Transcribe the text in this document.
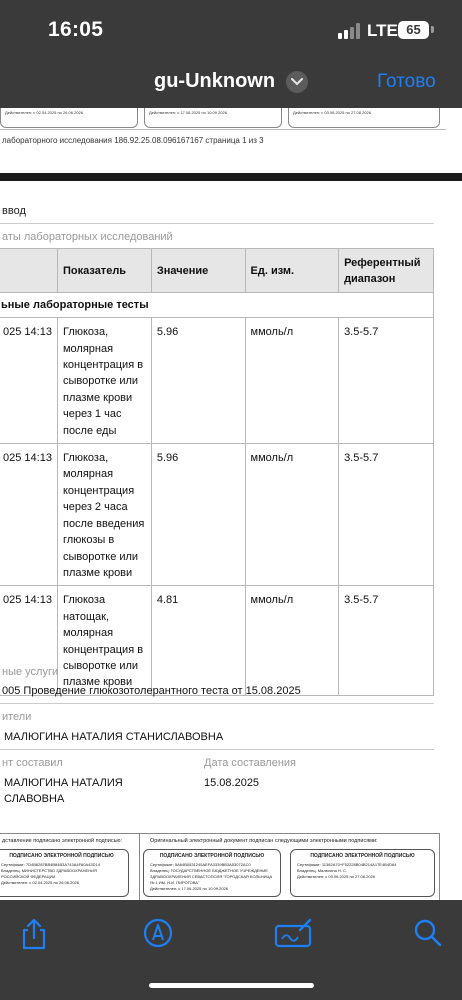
16:05	LTE 65
gu-Unknown	Готово
Действителен: с 02.04.2025 по 26.06.2026	Действителен: с 17.06.2025 по 10.09.2026	Действителен: с 03.06.2025 по 27.08.2026
лабораторного исследования 186.92.25.08.096167167 страница 1 из 3
ввод
аты лабораторных исследований
	Показатель	Значение	Ед. изм.	Референтный диапазон
ьные лабораторные тесты				
025 14:13	Глюкоза, молярная концентрация в сыворотке или плазме крови через 1 час после еды	5.96	ммоль/л	3.5-5.7
025 14:13	Глюкоза, молярная концентрация через 2 часа после введения глюкозы в сыворотке или плазме крови	5.96	ммоль/л	3.5-5.7
025 14:13	Глюкоза натощак, молярная концентрация в сыворотке или плазме крови	4.81	ммоль/л	3.5-5.7
ные услуги
005 Проведение глюкозотолерантного теста от 15.08.2025
ители
МАЛЮГИНА НАТАЛИЯ СТАНИСЛАВОВНА
нт составил
МАЛЮГИНА НАТАЛИЯ
СЛАВОВНА
Дата составления
15.08.2025
дставление подписано электронной подписью:	Оригинальный электронный документ подписан следующими электронными подписями:
ПОДПИСАНО ЭЛЕКТРОННОЙ ПОДПИСЬЮ
Сертификат: 7D4B6287BB4B84B3A743A4F60A43D14
Владелец: МИНИСТЕРСТВО ЗДРАВООХРАНЕНИЯ РОССИЙСКОЙ ФЕДЕРАЦИИ
Действителен: с 02.04.2025 по 26.06.2026
ПОДПИСАНО ЭЛЕКТРОННОЙ ПОДПИСЬЮ
Сертификат: 5A64B0531245AEFA3339BB3A53072AC0
Владелец: ГОСУДАРСТВЕННОЕ БЮДЖЕТНОЕ УЧРЕЖДЕНИЕ ЗДРАВООХРАНЕНИЯ СЕВАСТОПОЛЯ "ГОРОДСКАЯ БОЛЬНИЦА № 1 ИМ. Н.И. ПИРОГОВА"
Действителен: с 17.06.2025 по 10.09.2026
ПОДПИСАНО ЭЛЕКТРОННОЙ ПОДПИСЬЮ
Сертификат: 11382A70+F52228B04B214A17E4B4D64
Владелец: Малюгина Н. С.
Действителен: с 03.06.2025 по 27.08.2026
